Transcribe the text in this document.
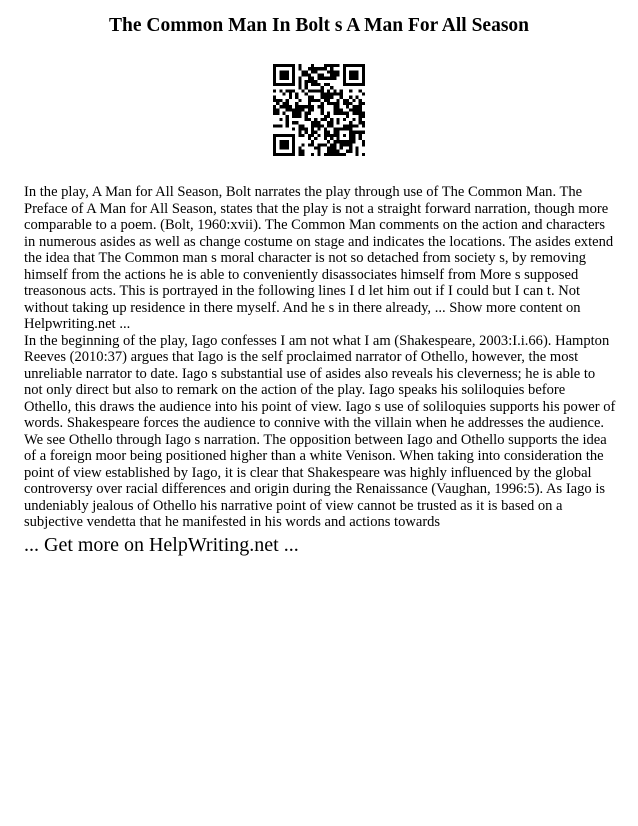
The Common Man In Bolt s A Man For All Season

In the play, A Man for All Season, Bolt narrates the play through use of The Common Man. The Preface of A Man for All Season, states that the play is not a straight forward narration, though more comparable to a poem. (Bolt, 1960:xvii). The Common Man comments on the action and characters in numerous asides as well as change costume on stage and indicates the locations. The asides extend the idea that The Common man s moral character is not so detached from society s, by removing himself from the actions he is able to conveniently disassociates himself from More s supposed treasonous acts. This is portrayed in the following lines I d let him out if I could but I can t. Not without taking up residence in there myself. And he s in there already, ... Show more content on Helpwriting.net ...

In the beginning of the play, Iago confesses I am not what I am (Shakespeare, 2003:I.i.66). Hampton Reeves (2010:37) argues that Iago is the self proclaimed narrator of Othello, however, the most unreliable narrator to date. Iago s substantial use of asides also reveals his cleverness; he is able to not only direct but also to remark on the action of the play. Iago speaks his soliloquies before Othello, this draws the audience into his point of view. Iago s use of soliloquies supports his power of words. Shakespeare forces the audience to connive with the villain when he addresses the audience. We see Othello through Iago s narration. The opposition between Iago and Othello supports the idea of a foreign moor being positioned higher than a white Venison. When taking into consideration the point of view established by Iago, it is clear that Shakespeare was highly influenced by the global controversy over racial differences and origin during the Renaissance (Vaughan, 1996:5). As Iago is undeniably jealous of Othello his narrative point of view cannot be trusted as it is based on a subjective vendetta that he manifested in his words and actions towards

... Get more on HelpWriting.net ...
